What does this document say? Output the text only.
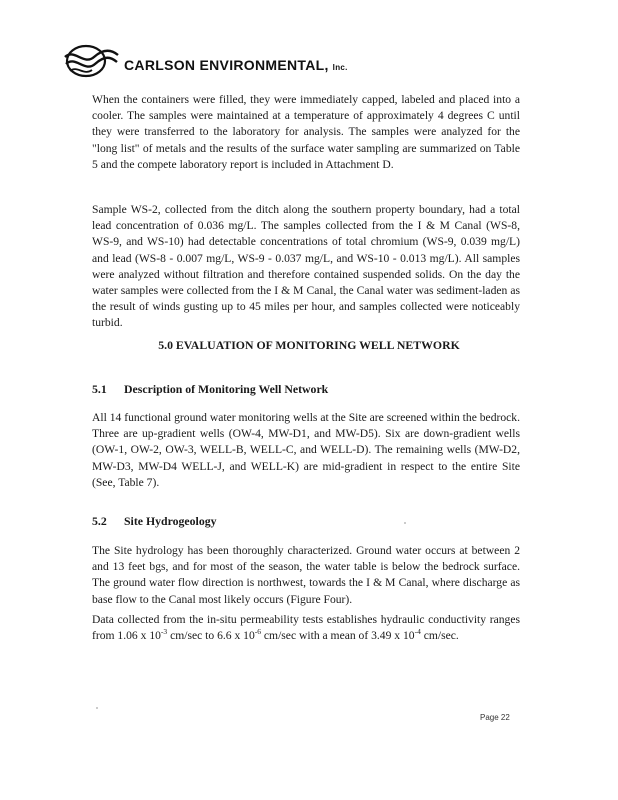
CARLSON ENVIRONMENTAL, Inc.

When the containers were filled, they were immediately capped, labeled and placed into a cooler. The samples were maintained at a temperature of approximately 4 degrees C until they were transferred to the laboratory for analysis. The samples were analyzed for the "long list" of metals and the results of the surface water sampling are summarized on Table 5 and the compete laboratory report is included in Attachment D.

Sample WS-2, collected from the ditch along the southern property boundary, had a total lead concentration of 0.036 mg/L. The samples collected from the I & M Canal (WS-8, WS-9, and WS-10) had detectable concentrations of total chromium (WS-9, 0.039 mg/L) and lead (WS-8 - 0.007 mg/L, WS-9 - 0.037 mg/L, and WS-10 - 0.013 mg/L). All samples were analyzed without filtration and therefore contained suspended solids. On the day the water samples were collected from the I & M Canal, the Canal water was sediment-laden as the result of winds gusting up to 45 miles per hour, and samples collected were noticeably turbid.

5.0 EVALUATION OF MONITORING WELL NETWORK
5.1 Description of Monitoring Well Network

All 14 functional ground water monitoring wells at the Site are screened within the bedrock. Three are up-gradient wells (OW-4, MW-D1, and MW-D5). Six are down-gradient wells (OW-1, OW-2, OW-3, WELL-B, WELL-C, and WELL-D). The remaining wells (MW-D2, MW-D3, MW-D4 WELL-J, and WELL-K) are mid-gradient in respect to the entire Site (See, Table 7).

5.2 Site Hydrogeology

The Site hydrology has been thoroughly characterized. Ground water occurs at between 2 and 13 feet bgs, and for most of the season, the water table is below the bedrock surface. The ground water flow direction is northwest, towards the I & M Canal, where discharge as base flow to the Canal most likely occurs (Figure Four).

Data collected from the in-situ permeability tests establishes hydraulic conductivity ranges from 1.06 x $10^{-3}$ cm/sec to 6.6 x $10^{-6}$ cm/sec with a mean of 3.49 x $10^{-4}$ cm/sec.

Page 22
